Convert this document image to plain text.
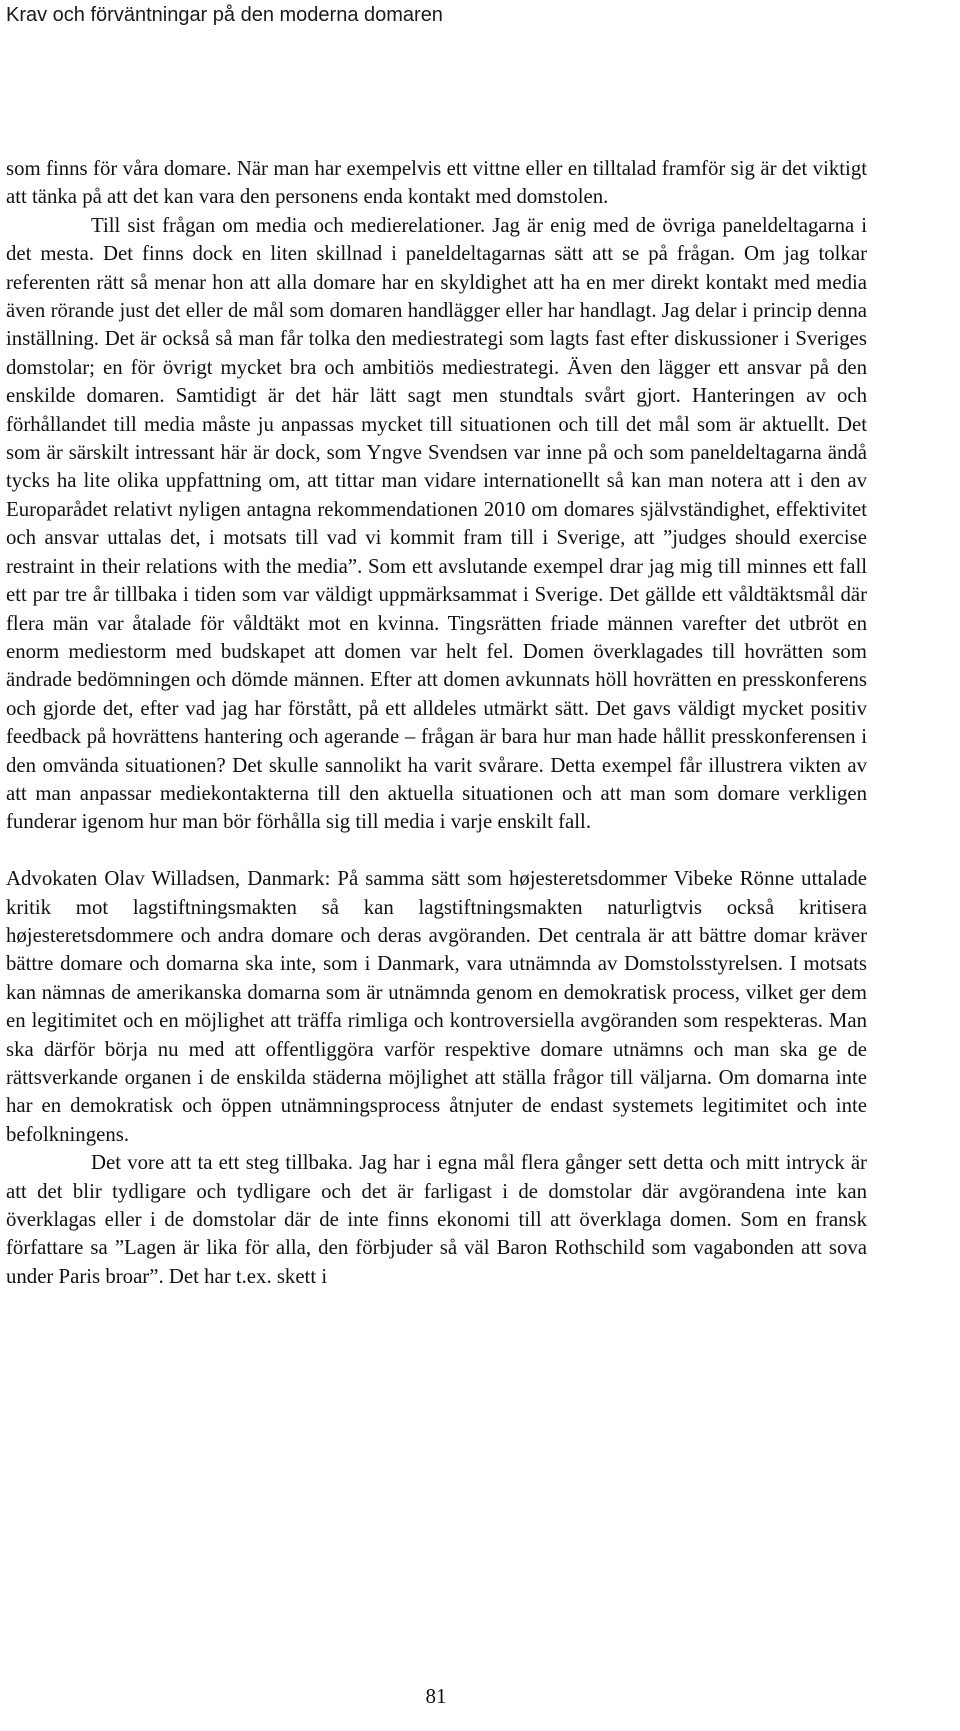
Krav och förväntningar på den moderna domaren

som finns för våra domare. När man har exempelvis ett vittne eller en tilltalad framför sig är det viktigt att tänka på att det kan vara den personens enda kontakt med domstolen.

Till sist frågan om media och medierelationer. Jag är enig med de övriga paneldeltagarna i det mesta. Det finns dock en liten skillnad i paneldeltagarnas sätt att se på frågan. Om jag tolkar referenten rätt så menar hon att alla domare har en skyldighet att ha en mer direkt kontakt med media även rörande just det eller de mål som domaren handlägger eller har handlagt. Jag delar i princip denna inställning. Det är också så man får tolka den mediestrategi som lagts fast efter diskussioner i Sveriges domstolar; en för övrigt mycket bra och ambitiös mediestrategi. Även den lägger ett ansvar på den enskilde domaren. Samtidigt är det här lätt sagt men stundtals svårt gjort. Hanteringen av och förhållandet till media måste ju anpassas mycket till situationen och till det mål som är aktuellt. Det som är särskilt intressant här är dock, som Yngve Svendsen var inne på och som paneldeltagarna ändå tycks ha lite olika uppfattning om, att tittar man vidare internationellt så kan man notera att i den av Europarådet relativt nyligen antagna rekommendationen 2010 om domares självständighet, effektivitet och ansvar uttalas det, i motsats till vad vi kommit fram till i Sverige, att ”judges should exercise restraint in their relations with the media”. Som ett avslutande exempel drar jag mig till minnes ett fall ett par tre år tillbaka i tiden som var väldigt uppmärksammat i Sverige. Det gällde ett våldtäktsmål där flera män var åtalade för våldtäkt mot en kvinna. Tingsrätten friade männen varefter det utbröt en enorm mediestorm med budskapet att domen var helt fel. Domen överklagades till hovrätten som ändrade bedömningen och dömde männen. Efter att domen avkunnats höll hovrätten en presskonferens och gjorde det, efter vad jag har förstått, på ett alldeles utmärkt sätt. Det gavs väldigt mycket positiv feedback på hovrättens hantering och agerande – frågan är bara hur man hade hållit presskonferensen i den omvända situationen? Det skulle sannolikt ha varit svårare. Detta exempel får illustrera vikten av att man anpassar mediekontakterna till den aktuella situationen och att man som domare verkligen funderar igenom hur man bör förhålla sig till media i varje enskilt fall.

Advokaten Olav Willadsen, Danmark: På samma sätt som højesteretsdommer Vibeke Rönne uttalade kritik mot lagstiftningsmakten så kan lagstiftningsmakten naturligtvis också kritisera højesteretsdommere och andra domare och deras avgöranden. Det centrala är att bättre domar kräver bättre domare och domarna ska inte, som i Danmark, vara utnämnda av Domstolsstyrelsen. I motsats kan nämnas de amerikanska domarna som är utnämnda genom en demokratisk process, vilket ger dem en legitimitet och en möjlighet att träffa rimliga och kontroversiella avgöranden som respekteras. Man ska därför börja nu med att offentliggöra varför respektive domare utnämns och man ska ge de rättsverkande organen i de enskilda städerna möjlighet att ställa frågor till väljarna. Om domarna inte har en demokratisk och öppen utnämningsprocess åtnjuter de endast systemets legitimitet och inte befolkningens.

Det vore att ta ett steg tillbaka. Jag har i egna mål flera gånger sett detta och mitt intryck är att det blir tydligare och tydligare och det är farligast i de domstolar där avgörandena inte kan överklagas eller i de domstolar där de inte finns ekonomi till att överklaga domen. Som en fransk författare sa ”Lagen är lika för alla, den förbjuder så väl Baron Rothschild som vagabonden att sova under Paris broar”. Det har t.ex. skett i

81
